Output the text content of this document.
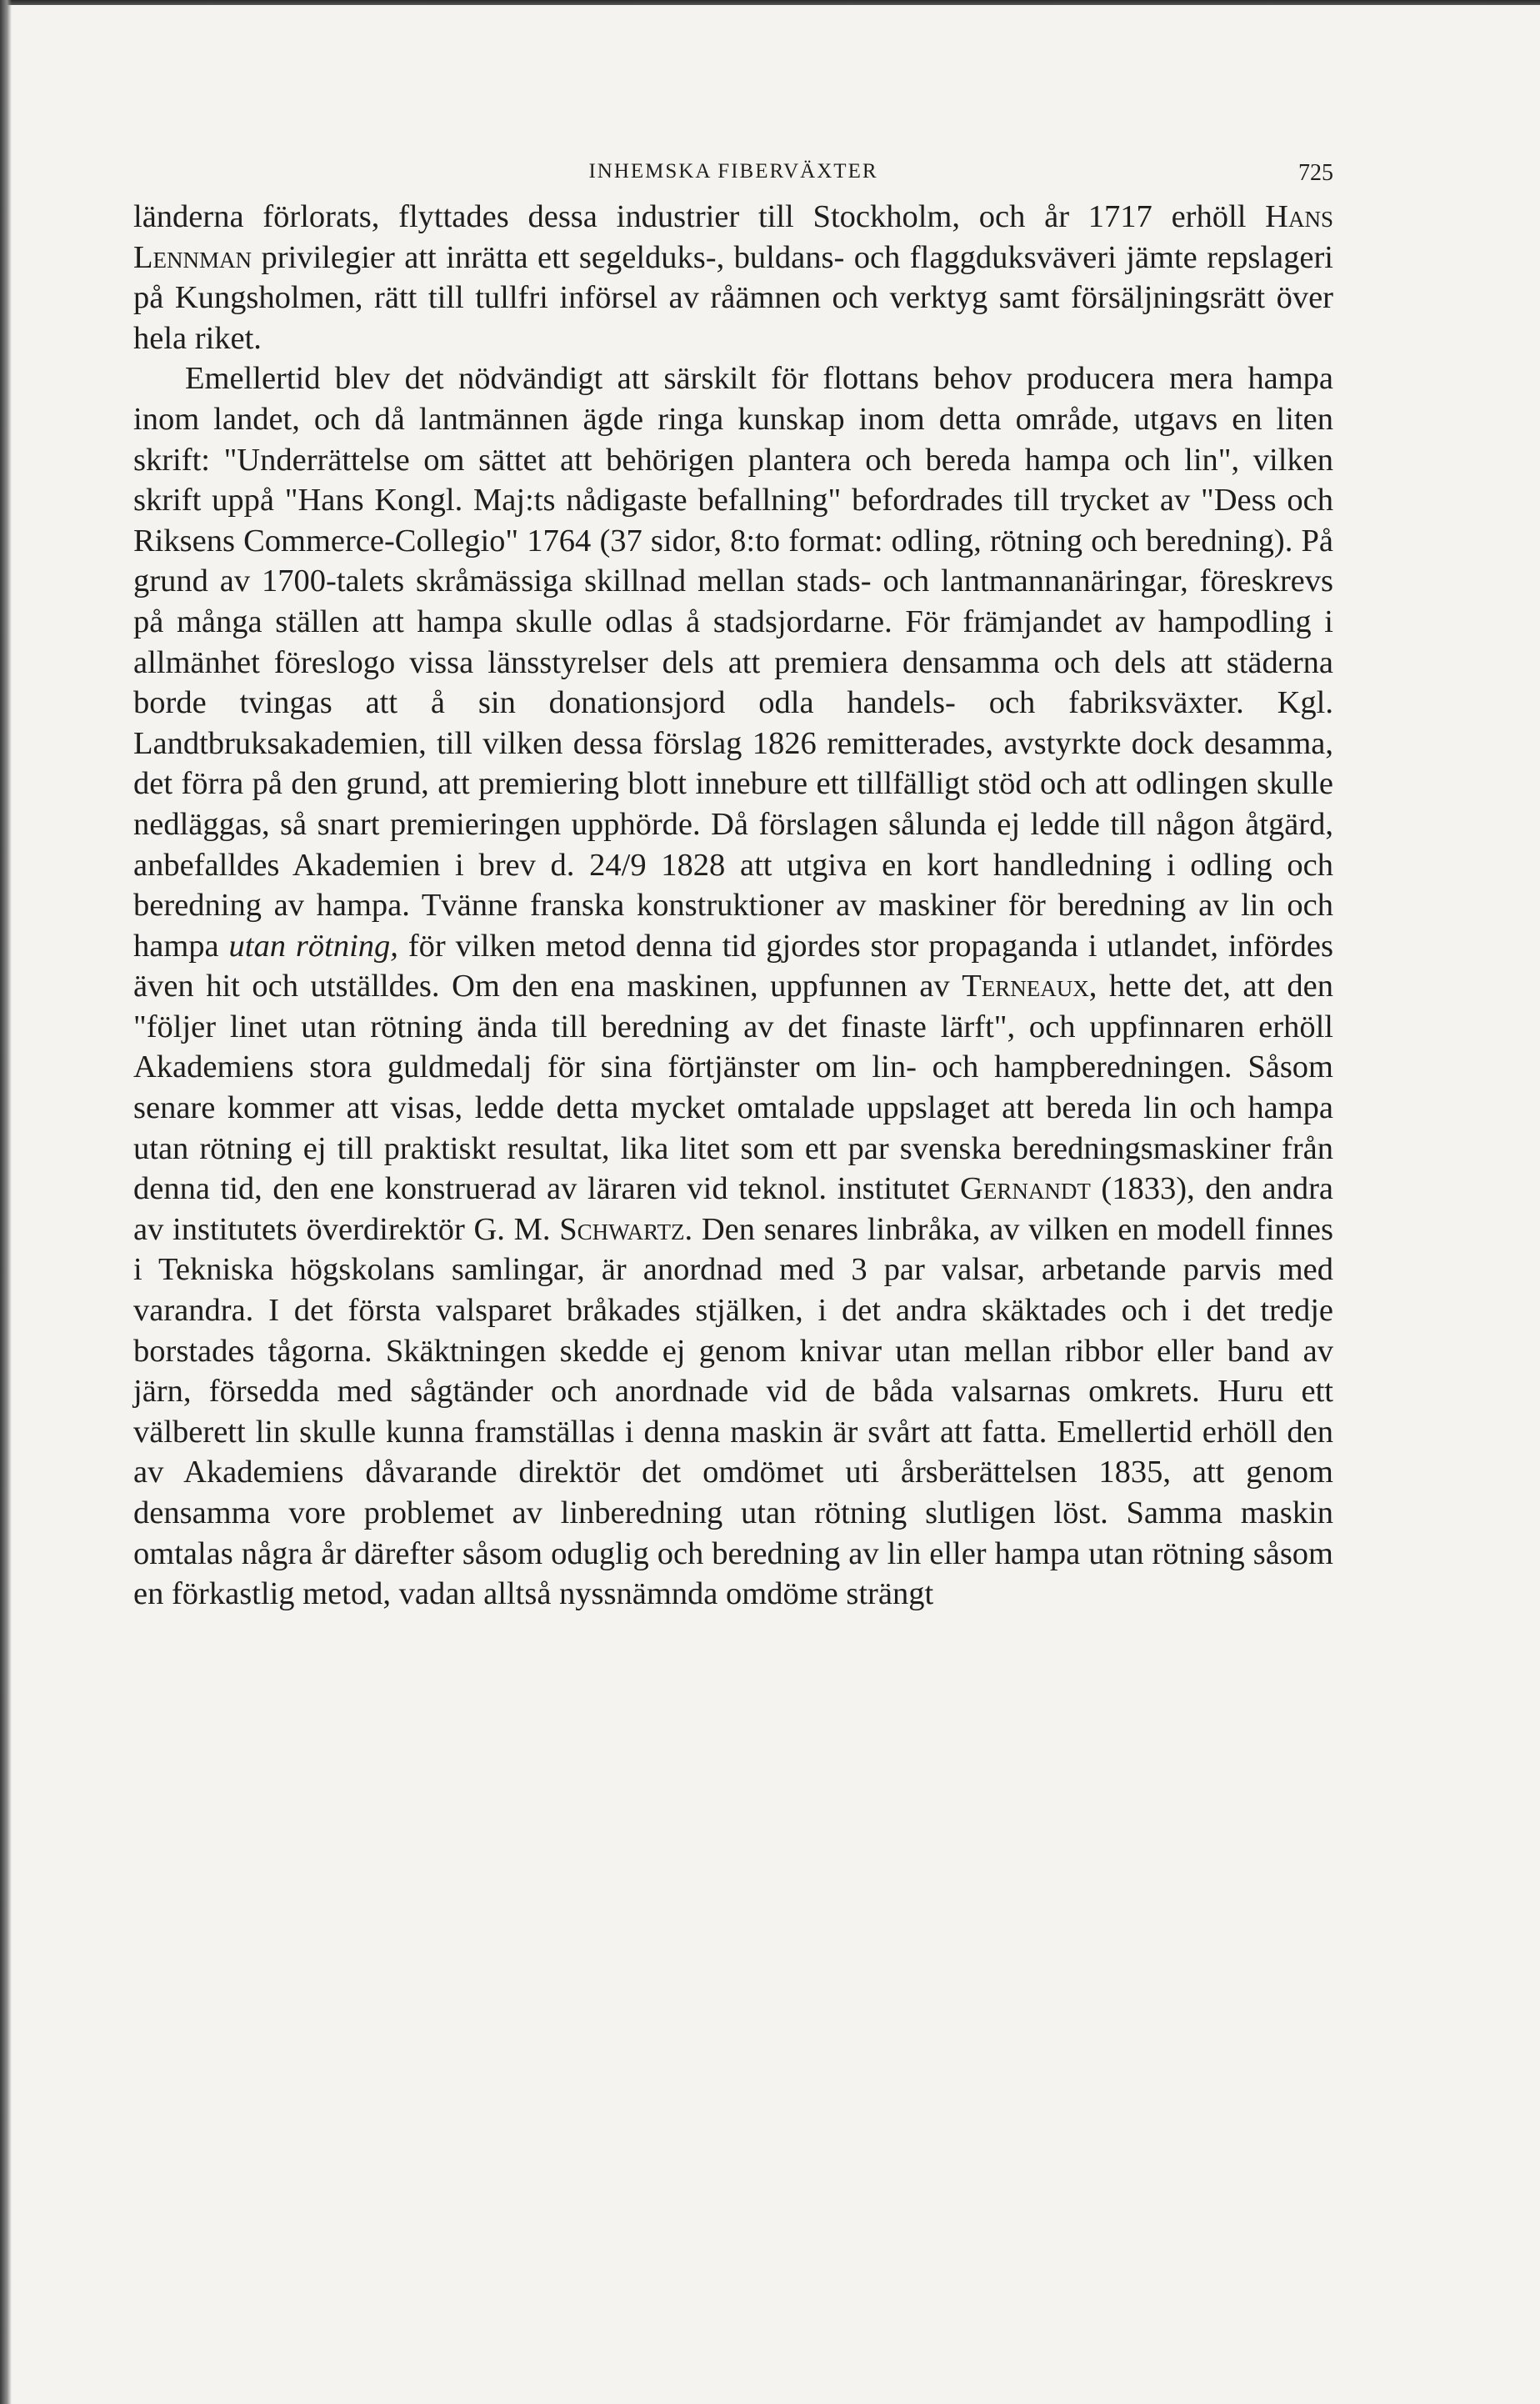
INHEMSKA FIBERVÄXTER	725

länderna förlorats, flyttades dessa industrier till Stockholm, och år 1717 erhöll Hans Lennman privilegier att inrätta ett segelduks-, buldans- och flaggduksväveri jämte repslageri på Kungsholmen, rätt till tullfri införsel av råämnen och verktyg samt försäljningsrätt över hela riket.

Emellertid blev det nödvändigt att särskilt för flottans behov producera mera hampa inom landet, och då lantmännen ägde ringa kunskap inom detta område, utgavs en liten skrift: "Underrättelse om sättet att behörigen plantera och bereda hampa och lin", vilken skrift uppå "Hans Kongl. Maj:ts nådigaste befallning" befordrades till trycket av "Dess och Riksens Commerce-Collegio" 1764 (37 sidor, 8:to format: odling, rötning och beredning). På grund av 1700-talets skråmässiga skillnad mellan stads- och lantmannanäringar, föreskrevs på många ställen att hampa skulle odlas å stadsjordarne. För främjandet av hampodling i allmänhet föreslogo vissa länsstyrelser dels att premiera densamma och dels att städerna borde tvingas att å sin donationsjord odla handels- och fabriksväxter. Kgl. Landtbruksakademien, till vilken dessa förslag 1826 remitterades, avstyrkte dock desamma, det förra på den grund, att premiering blott innebure ett tillfälligt stöd och att odlingen skulle nedläggas, så snart premieringen upphörde. Då förslagen sålunda ej ledde till någon åtgärd, anbefalldes Akademien i brev d. 24/9 1828 att utgiva en kort handledning i odling och beredning av hampa. Tvänne franska konstruktioner av maskiner för beredning av lin och hampa utan rötning, för vilken metod denna tid gjordes stor propaganda i utlandet, infördes även hit och utställdes. Om den ena maskinen, uppfunnen av Terneaux, hette det, att den "följer linet utan rötning ända till beredning av det finaste lärft", och uppfinnaren erhöll Akademiens stora guldmedalj för sina förtjänster om lin- och hampberedningen. Såsom senare kommer att visas, ledde detta mycket omtalade uppslaget att bereda lin och hampa utan rötning ej till praktiskt resultat, lika litet som ett par svenska beredningsmaskiner från denna tid, den ene konstruerad av läraren vid teknol. institutet Gernandt (1833), den andra av institutets överdirektör G. M. Schwartz. Den senares linbråka, av vilken en modell finnes i Tekniska högskolans samlingar, är anordnad med 3 par valsar, arbetande parvis med varandra. I det första valsparet bråkades stjälken, i det andra skäktades och i det tredje borstades tågorna. Skäktningen skedde ej genom knivar utan mellan ribbor eller band av järn, försedda med sågtänder och anordnade vid de båda valsarnas omkrets. Huru ett välberett lin skulle kunna framställas i denna maskin är svårt att fatta. Emellertid erhöll den av Akademiens dåvarande direktör det omdömet uti årsberättelsen 1835, att genom densamma vore problemet av linberedning utan rötning slutligen löst. Samma maskin omtalas några år därefter såsom oduglig och beredning av lin eller hampa utan rötning såsom en förkastlig metod, vadan alltså nyssnämnda omdöme strängt
